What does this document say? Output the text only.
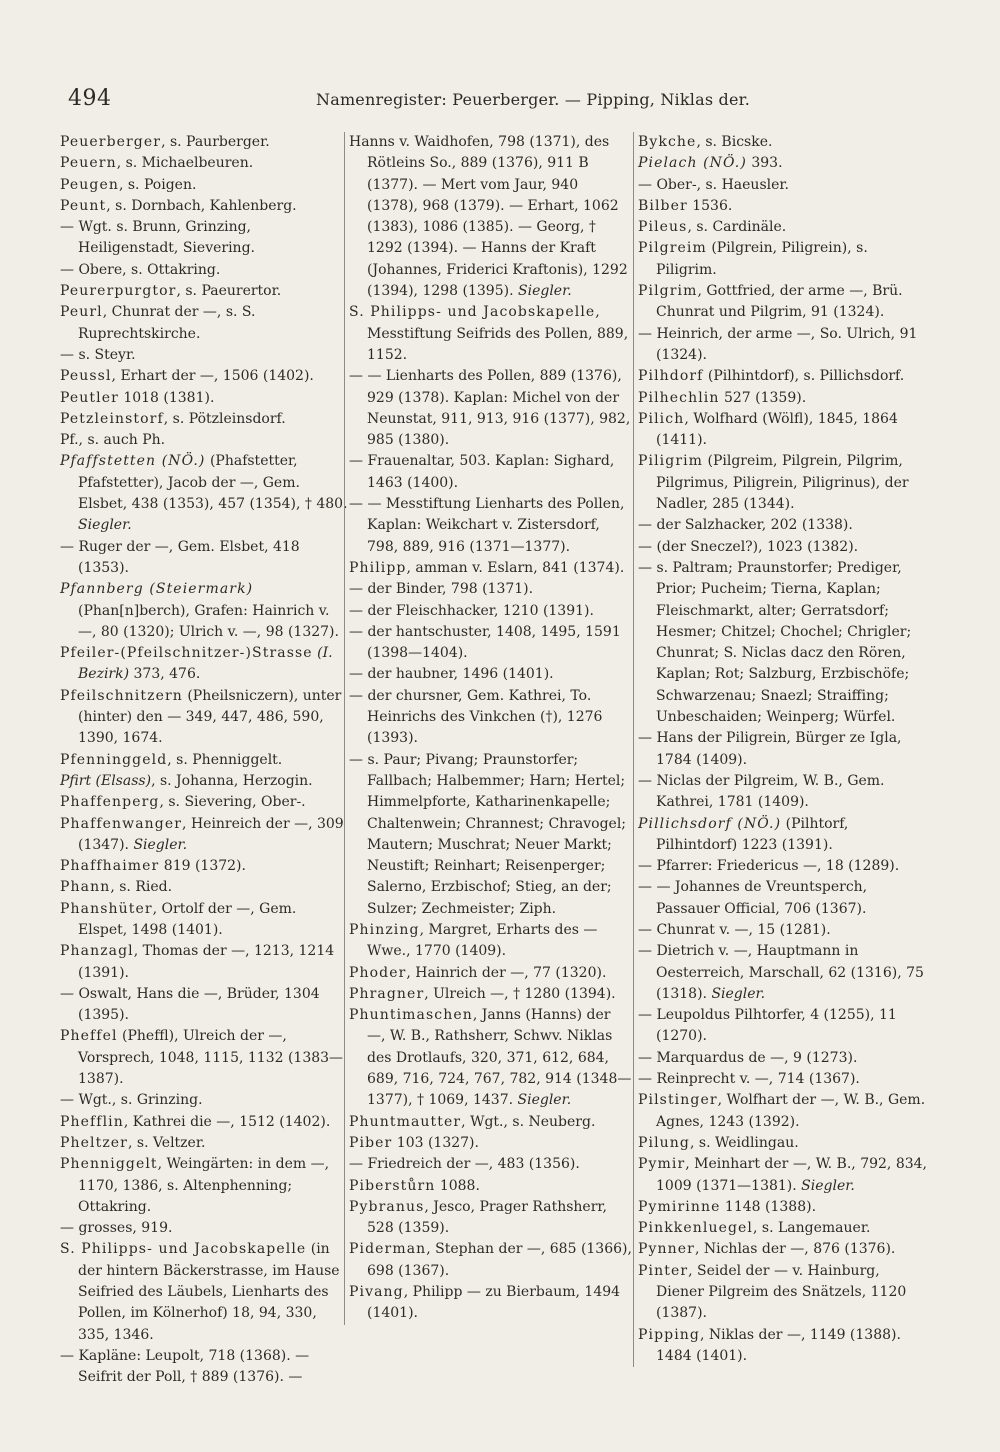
494	Namenregister: Peuerberger. — Pipping, Niklas der.

Peuerberger, s. Paurberger.

Peuern, s. Michaelbeuren.

Peugen, s. Poigen.

Peunt, s. Dornbach, Kahlenberg.

— Wgt. s. Brunn, Grinzing, Heiligenstadt, Sievering.

— Obere, s. Ottakring.

Peurerpurgtor, s. Paeurertor.

Peurl, Chunrat der —, s. S. Ruprechtskirche.

— s. Steyr.

Peussl, Erhart der —, 1506 (1402).

Peutler 1018 (1381).

Petzleinstorf, s. Pötzleinsdorf.

Pf., s. auch Ph.

Pfaffstetten (NÖ.) (Phafstetter, Pfafstetter), Jacob der —, Gem. Elsbet, 438 (1353), 457 (1354), † 480. Siegler.

— Ruger der —, Gem. Elsbet, 418 (1353).

Pfannberg (Steiermark) (Phan[n]berch), Grafen: Hainrich v. —, 80 (1320); Ulrich v. —, 98 (1327).

Pfeiler-(Pfeilschnitzer-)Strasse (I. Bezirk) 373, 476.

Pfeilschnitzern (Pheilsniczern), unter (hinter) den — 349, 447, 486, 590, 1390, 1674.

Pfenninggeld, s. Phenniggelt.

Pfirt (Elsass), s. Johanna, Herzogin.

Phaffenperg, s. Sievering, Ober-.

Phaffenwanger, Heinreich der —, 309 (1347). Siegler.

Phaffhaimer 819 (1372).

Phann, s. Ried.

Phanshüter, Ortolf der —, Gem. Elspet, 1498 (1401).

Phanzagl, Thomas der —, 1213, 1214 (1391).

— Oswalt, Hans die —, Brüder, 1304 (1395).

Pheffel (Pheffl), Ulreich der —, Vorsprech, 1048, 1115, 1132 (1383—1387).

— Wgt., s. Grinzing.

Phefflin, Kathrei die —, 1512 (1402).

Pheltzer, s. Veltzer.

Phenniggelt, Weingärten: in dem —, 1170, 1386, s. Altenphenning; Ottakring.

— grosses, 919.

S. Philipps- und Jacobskapelle (in der hintern Bäckerstrasse, im Hause Seifried des Läubels, Lienharts des Pollen, im Kölnerhof) 18, 94, 330, 335, 1346.

— Kapläne: Leupolt, 718 (1368). — Seifrit der Poll, † 889 (1376). —

Hanns v. Waidhofen, 798 (1371), des Rötleins So., 889 (1376), 911 B (1377). — Mert vom Jaur, 940 (1378), 968 (1379). — Erhart, 1062 (1383), 1086 (1385). — Georg, † 1292 (1394). — Hanns der Kraft (Johannes, Friderici Kraftonis), 1292 (1394), 1298 (1395). Siegler.

S. Philipps- und Jacobskapelle, Messtiftung Seifrids des Pollen, 889, 1152.

— — Lienharts des Pollen, 889 (1376), 929 (1378). Kaplan: Michel von der Neunstat, 911, 913, 916 (1377), 982, 985 (1380).

— Frauenaltar, 503. Kaplan: Sighard, 1463 (1400).

— — Messtiftung Lienharts des Pollen, Kaplan: Weikchart v. Zistersdorf, 798, 889, 916 (1371—1377).

Philipp, amman v. Eslarn, 841 (1374).

— der Binder, 798 (1371).

— der Fleischhacker, 1210 (1391).

— der hantschuster, 1408, 1495, 1591 (1398—1404).

— der haubner, 1496 (1401).

— der chursner, Gem. Kathrei, To. Heinrichs des Vinkchen (†), 1276 (1393).

— s. Paur; Pivang; Praunstorfer; Fallbach; Halbemmer; Harn; Hertel; Himmelpforte, Katharinenkapelle; Chaltenwein; Chrannest; Chravogel; Mautern; Muschrat; Neuer Markt; Neustift; Reinhart; Reisenperger; Salerno, Erzbischof; Stieg, an der; Sulzer; Zechmeister; Ziph.

Phinzing, Margret, Erharts des — Wwe., 1770 (1409).

Phoder, Hainrich der —, 77 (1320).

Phragner, Ulreich —, † 1280 (1394).

Phuntimaschen, Janns (Hanns) der —, W. B., Rathsherr, Schwv. Niklas des Drotlaufs, 320, 371, 612, 684, 689, 716, 724, 767, 782, 914 (1348—1377), † 1069, 1437. Siegler.

Phuntmautter, Wgt., s. Neuberg.

Piber 103 (1327).

— Friedreich der —, 483 (1356).

Piberstůrn 1088.

Pybranus, Jesco, Prager Rathsherr, 528 (1359).

Piderman, Stephan der —, 685 (1366), 698 (1367).

Pivang, Philipp — zu Bierbaum, 1494 (1401).

Bykche, s. Bicske.

Pielach (NÖ.) 393.

— Ober-, s. Haeusler.

Bilber 1536.

Pileus, s. Cardinäle.

Pilgreim (Pilgrein, Piligrein), s. Piligrim.

Pilgrim, Gottfried, der arme —, Brü. Chunrat und Pilgrim, 91 (1324).

— Heinrich, der arme —, So. Ulrich, 91 (1324).

Pilhdorf (Pilhintdorf), s. Pillichsdorf.

Pilhechlin 527 (1359).

Pilich, Wolfhard (Wölfl), 1845, 1864 (1411).

Piligrim (Pilgreim, Pilgrein, Pilgrim, Pilgrimus, Piligrein, Piligrinus), der Nadler, 285 (1344).

— der Salzhacker, 202 (1338).

— (der Sneczel?), 1023 (1382).

— s. Paltram; Praunstorfer; Prediger, Prior; Pucheim; Tierna, Kaplan; Fleischmarkt, alter; Gerratsdorf; Hesmer; Chitzel; Chochel; Chrigler; Chunrat; S. Niclas dacz den Rören, Kaplan; Rot; Salzburg, Erzbischöfe; Schwarzenau; Snaezl; Straiffing; Unbeschaiden; Weinperg; Würfel.

— Hans der Piligrein, Bürger ze Igla, 1784 (1409).

— Niclas der Pilgreim, W. B., Gem. Kathrei, 1781 (1409).

Pillichsdorf (NÖ.) (Pilhtorf, Pilhintdorf) 1223 (1391).

— Pfarrer: Friedericus —, 18 (1289).

— — Johannes de Vreuntsperch, Passauer Official, 706 (1367).

— Chunrat v. —, 15 (1281).

— Dietrich v. —, Hauptmann in Oesterreich, Marschall, 62 (1316), 75 (1318). Siegler.

— Leupoldus Pilhtorfer, 4 (1255), 11 (1270).

— Marquardus de —, 9 (1273).

— Reinprecht v. —, 714 (1367).

Pilstinger, Wolfhart der —, W. B., Gem. Agnes, 1243 (1392).

Pilung, s. Weidlingau.

Pymir, Meinhart der —, W. B., 792, 834, 1009 (1371—1381). Siegler.

Pymirinne 1148 (1388).

Pinkkenluegel, s. Langemauer.

Pynner, Nichlas der —, 876 (1376).

Pinter, Seidel der — v. Hainburg, Diener Pilgreim des Snätzels, 1120 (1387).

Pipping, Niklas der —, 1149 (1388). 1484 (1401).
